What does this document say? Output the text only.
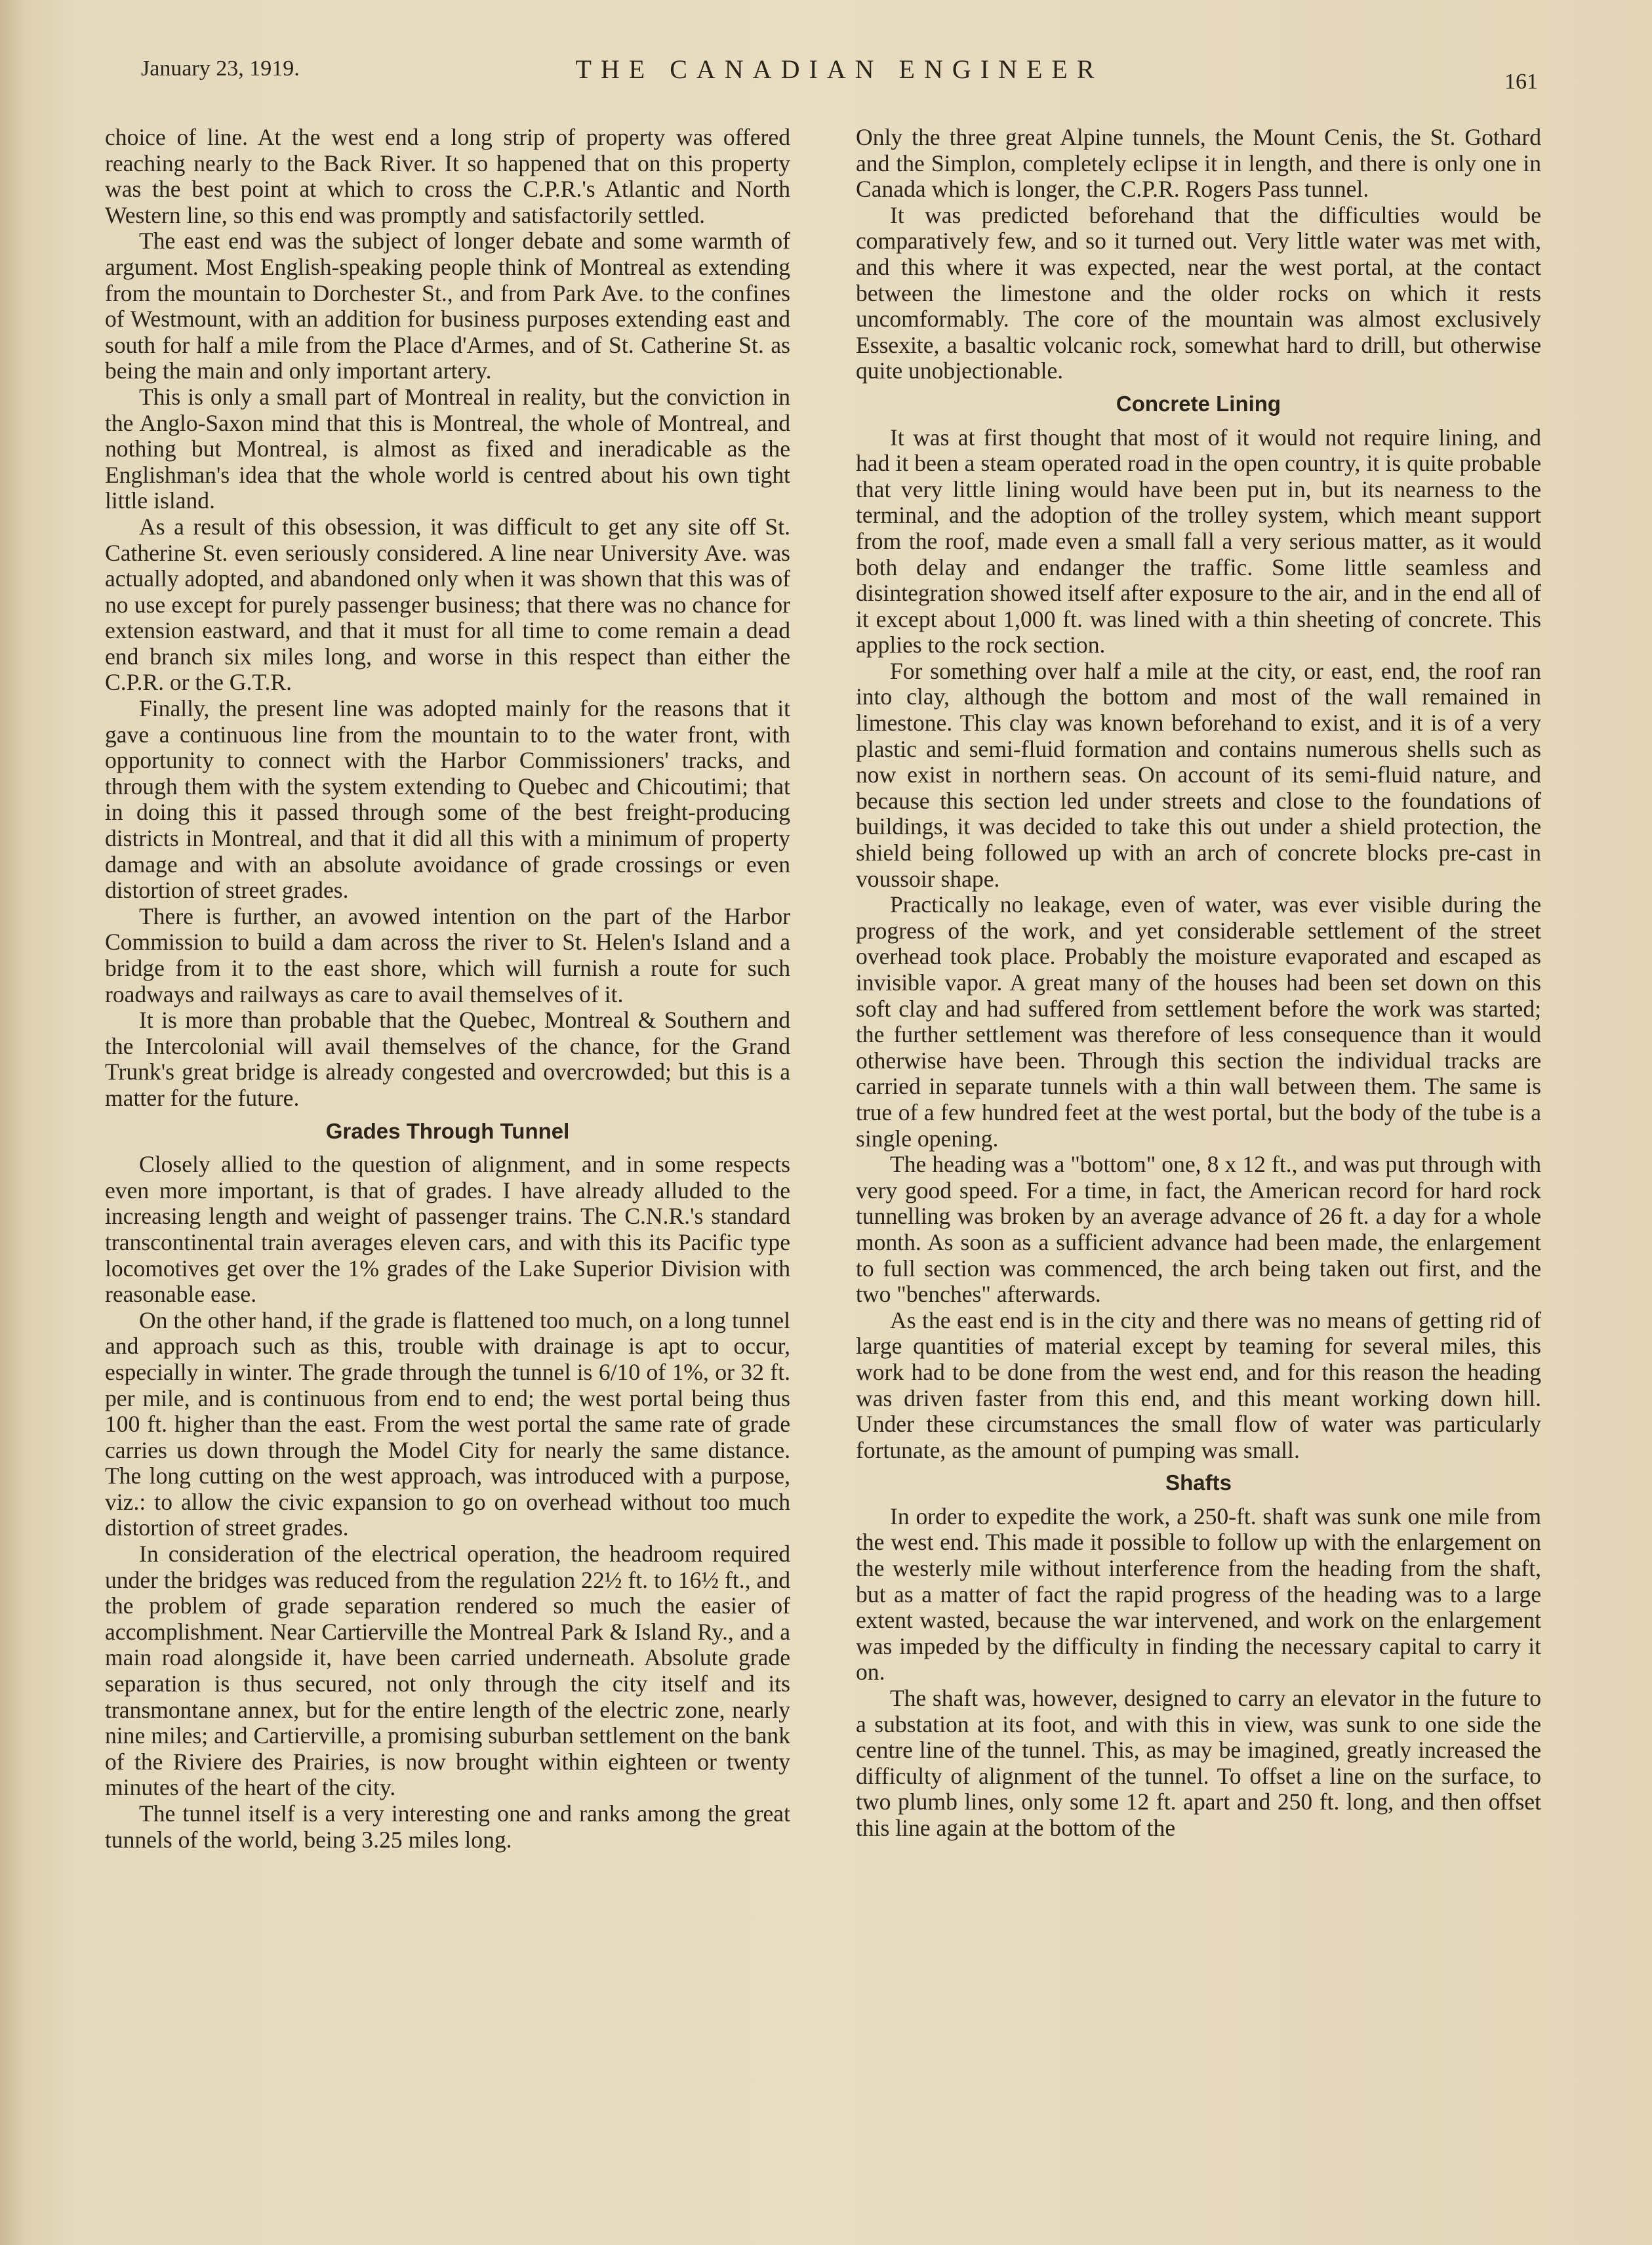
January 23, 1919.	THE CANADIAN ENGINEER	161

choice of line. At the west end a long strip of property was offered reaching nearly to the Back River. It so happened that on this property was the best point at which to cross the C.P.R.'s Atlantic and North Western line, so this end was promptly and satisfactorily settled.

The east end was the subject of longer debate and some warmth of argument. Most English-speaking people think of Montreal as extending from the mountain to Dorchester St., and from Park Ave. to the confines of Westmount, with an addition for business purposes extending east and south for half a mile from the Place d'Armes, and of St. Catherine St. as being the main and only important artery.

This is only a small part of Montreal in reality, but the conviction in the Anglo-Saxon mind that this is Montreal, the whole of Montreal, and nothing but Montreal, is almost as fixed and ineradicable as the Englishman's idea that the whole world is centred about his own tight little island.

As a result of this obsession, it was difficult to get any site off St. Catherine St. even seriously considered. A line near University Ave. was actually adopted, and abandoned only when it was shown that this was of no use except for purely passenger business; that there was no chance for extension eastward, and that it must for all time to come remain a dead end branch six miles long, and worse in this respect than either the C.P.R. or the G.T.R.

Finally, the present line was adopted mainly for the reasons that it gave a continuous line from the mountain to to the water front, with opportunity to connect with the Harbor Commissioners' tracks, and through them with the system extending to Quebec and Chicoutimi; that in doing this it passed through some of the best freight-producing districts in Montreal, and that it did all this with a minimum of property damage and with an absolute avoidance of grade crossings or even distortion of street grades.

There is further, an avowed intention on the part of the Harbor Commission to build a dam across the river to St. Helen's Island and a bridge from it to the east shore, which will furnish a route for such roadways and railways as care to avail themselves of it.

It is more than probable that the Quebec, Montreal & Southern and the Intercolonial will avail themselves of the chance, for the Grand Trunk's great bridge is already congested and overcrowded; but this is a matter for the future.

Grades Through Tunnel

Closely allied to the question of alignment, and in some respects even more important, is that of grades. I have already alluded to the increasing length and weight of passenger trains. The C.N.R.'s standard transcontinental train averages eleven cars, and with this its Pacific type locomotives get over the 1% grades of the Lake Superior Division with reasonable ease.

On the other hand, if the grade is flattened too much, on a long tunnel and approach such as this, trouble with drainage is apt to occur, especially in winter. The grade through the tunnel is 6/10 of 1%, or 32 ft. per mile, and is continuous from end to end; the west portal being thus 100 ft. higher than the east. From the west portal the same rate of grade carries us down through the Model City for nearly the same distance. The long cutting on the west approach, was introduced with a purpose, viz.: to allow the civic expansion to go on overhead without too much distortion of street grades.

In consideration of the electrical operation, the headroom required under the bridges was reduced from the regulation 22½ ft. to 16½ ft., and the problem of grade separation rendered so much the easier of accomplishment. Near Cartierville the Montreal Park & Island Ry., and a main road alongside it, have been carried underneath. Absolute grade separation is thus secured, not only through the city itself and its transmontane annex, but for the entire length of the electric zone, nearly nine miles; and Cartierville, a promising suburban settlement on the bank of the Riviere des Prairies, is now brought within eighteen or twenty minutes of the heart of the city.

The tunnel itself is a very interesting one and ranks among the great tunnels of the world, being 3.25 miles long.

Only the three great Alpine tunnels, the Mount Cenis, the St. Gothard and the Simplon, completely eclipse it in length, and there is only one in Canada which is longer, the C.P.R. Rogers Pass tunnel.

It was predicted beforehand that the difficulties would be comparatively few, and so it turned out. Very little water was met with, and this where it was expected, near the west portal, at the contact between the limestone and the older rocks on which it rests uncomformably. The core of the mountain was almost exclusively Essexite, a basaltic volcanic rock, somewhat hard to drill, but otherwise quite unobjectionable.

Concrete Lining

It was at first thought that most of it would not require lining, and had it been a steam operated road in the open country, it is quite probable that very little lining would have been put in, but its nearness to the terminal, and the adoption of the trolley system, which meant support from the roof, made even a small fall a very serious matter, as it would both delay and endanger the traffic. Some little seamless and disintegration showed itself after exposure to the air, and in the end all of it except about 1,000 ft. was lined with a thin sheeting of concrete. This applies to the rock section.

For something over half a mile at the city, or east, end, the roof ran into clay, although the bottom and most of the wall remained in limestone. This clay was known beforehand to exist, and it is of a very plastic and semi-fluid formation and contains numerous shells such as now exist in northern seas. On account of its semi-fluid nature, and because this section led under streets and close to the foundations of buildings, it was decided to take this out under a shield protection, the shield being followed up with an arch of concrete blocks pre-cast in voussoir shape.

Practically no leakage, even of water, was ever visible during the progress of the work, and yet considerable settlement of the street overhead took place. Probably the moisture evaporated and escaped as invisible vapor. A great many of the houses had been set down on this soft clay and had suffered from settlement before the work was started; the further settlement was therefore of less consequence than it would otherwise have been. Through this section the individual tracks are carried in separate tunnels with a thin wall between them. The same is true of a few hundred feet at the west portal, but the body of the tube is a single opening.

The heading was a "bottom" one, 8 x 12 ft., and was put through with very good speed. For a time, in fact, the American record for hard rock tunnelling was broken by an average advance of 26 ft. a day for a whole month. As soon as a sufficient advance had been made, the enlargement to full section was commenced, the arch being taken out first, and the two "benches" afterwards.

As the east end is in the city and there was no means of getting rid of large quantities of material except by teaming for several miles, this work had to be done from the west end, and for this reason the heading was driven faster from this end, and this meant working down hill. Under these circumstances the small flow of water was particularly fortunate, as the amount of pumping was small.

Shafts

In order to expedite the work, a 250-ft. shaft was sunk one mile from the west end. This made it possible to follow up with the enlargement on the westerly mile without interference from the heading from the shaft, but as a matter of fact the rapid progress of the heading was to a large extent wasted, because the war intervened, and work on the enlargement was impeded by the difficulty in finding the necessary capital to carry it on.

The shaft was, however, designed to carry an elevator in the future to a substation at its foot, and with this in view, was sunk to one side the centre line of the tunnel. This, as may be imagined, greatly increased the difficulty of alignment of the tunnel. To offset a line on the surface, to two plumb lines, only some 12 ft. apart and 250 ft. long, and then offset this line again at the bottom of the
